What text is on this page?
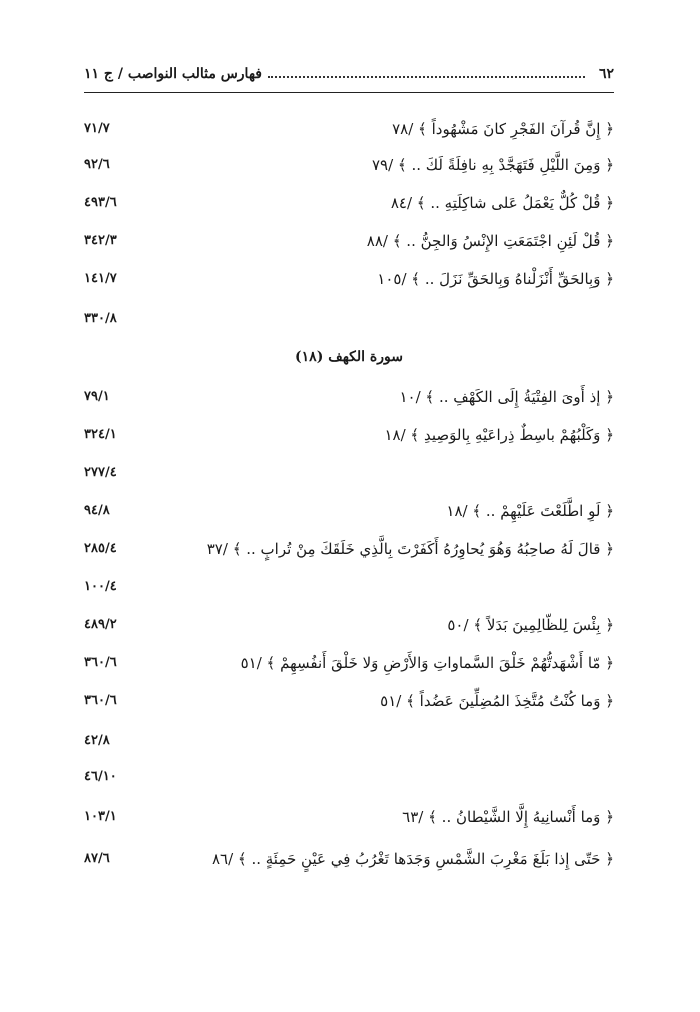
٦٢
فهارس مثالب النواصب / ج ١١
﴿ إِنَّ قُرآنَ الفَجْرِ كانَ مَشْهُوداً ﴾ /٧٨
٧١/٧
﴿ وَمِنَ اللَّيْلِ فَتَهَجَّدْ بِهِ نافِلَةً لَكَ .. ﴾ /٧٩
٩٢/٦
﴿ قُلْ كُلٌّ يَعْمَلُ عَلى شاكِلَتِهِ .. ﴾ /٨٤
٤٩٣/٦
﴿ قُلْ لَئِنِ اجْتَمَعَتِ الإِنْسُ وَالجِنُّ .. ﴾ /٨٨
٣٤٢/٣
﴿ وَبِالحَقِّ أَنْزَلْناهُ وَبِالحَقِّ نَزَلَ .. ﴾ /١٠٥
١٤١/٧
٣٣٠/٨
سورة الكهف (١٨)
﴿ إذ أَوىَ الفِتْيَةُ إِلَى الكَهْفِ .. ﴾ /١٠
٧٩/١
﴿ وَكَلْبُهُمْ باسِطٌ ذِراعَيْهِ بِالوَصِيدِ ﴾ /١٨
٣٢٤/١
٢٧٧/٤
﴿ لَوِ اطَّلَعْتَ عَلَيْهِمْ .. ﴾ /١٨
٩٤/٨
﴿ قالَ لَهُ صاحِبُهُ وَهُوَ يُحاوِرُهُ أَكَفَرْتَ بِالَّذِي خَلَقَكَ مِنْ تُرابٍ .. ﴾ /٣٧
٢٨٥/٤
١٠٠/٤
﴿ بِئْسَ لِلظّالِمِينَ بَدَلاً ﴾ /٥٠
٤٨٩/٢
﴿ مّا أَشْهَدتُّهُمْ خَلْقَ السَّماواتِ وَالأَرْضِ وَلا خَلْقَ أَنفُسِهِمْ ﴾ /٥١
٣٦٠/٦
﴿ وَما كُنْتُ مُتَّخِذَ المُضِلِّينَ عَضُداً ﴾ /٥١
٣٦٠/٦
٤٢/٨
٤٦/١٠
﴿ وَما أَنْسانِيهُ إِلَّا الشَّيْطانُ .. ﴾ /٦٣
١٠٣/١
﴿ حَتّى إِذا بَلَغَ مَغْرِبَ الشَّمْسِ وَجَدَها تَغْرُبُ فِي عَيْنٍ حَمِئَةٍ .. ﴾ /٨٦
٨٧/٦
